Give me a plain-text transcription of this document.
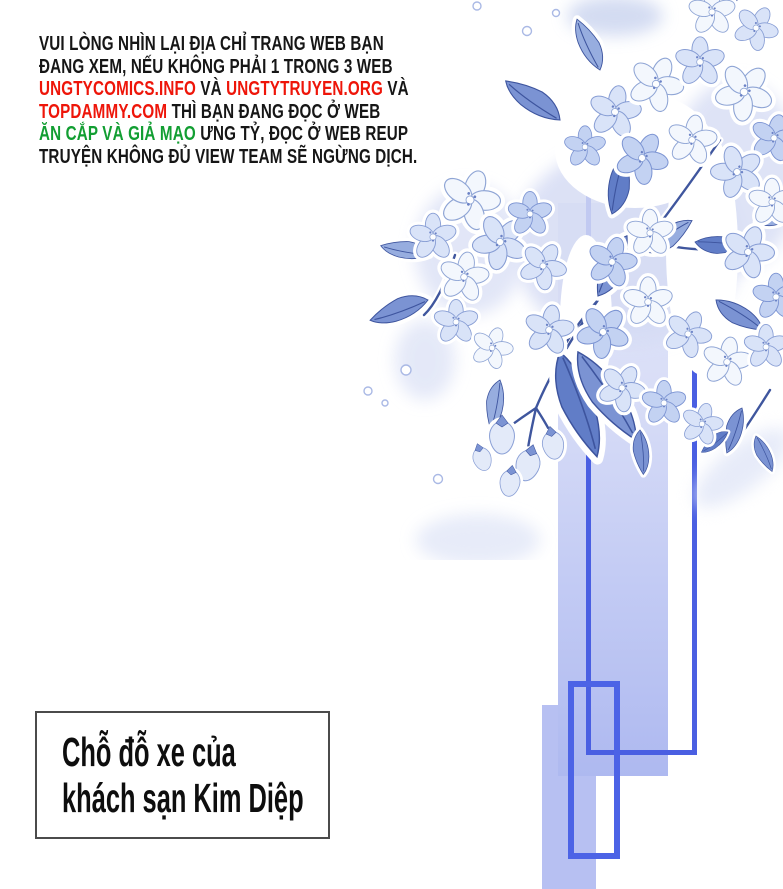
VUI LÒNG NHÌN LẠI ĐỊA CHỈ TRANG WEB BẠN
ĐANG XEM, NẾU KHÔNG PHẢI 1 TRONG 3 WEB
UNGTYCOMICS.INFO VÀ UNGTYTRUYEN.ORG VÀ
TOPDAMMY.COM THÌ BẠN ĐANG ĐỌC Ở WEB
ĂN CẮP VÀ GIẢ MẠO ƯNG TỶ, ĐỌC Ở WEB REUP
TRUYỆN KHÔNG ĐỦ VIEW TEAM SẼ NGỪNG DỊCH.
Chỗ đỗ xe của
khách sạn Kim Diệp
